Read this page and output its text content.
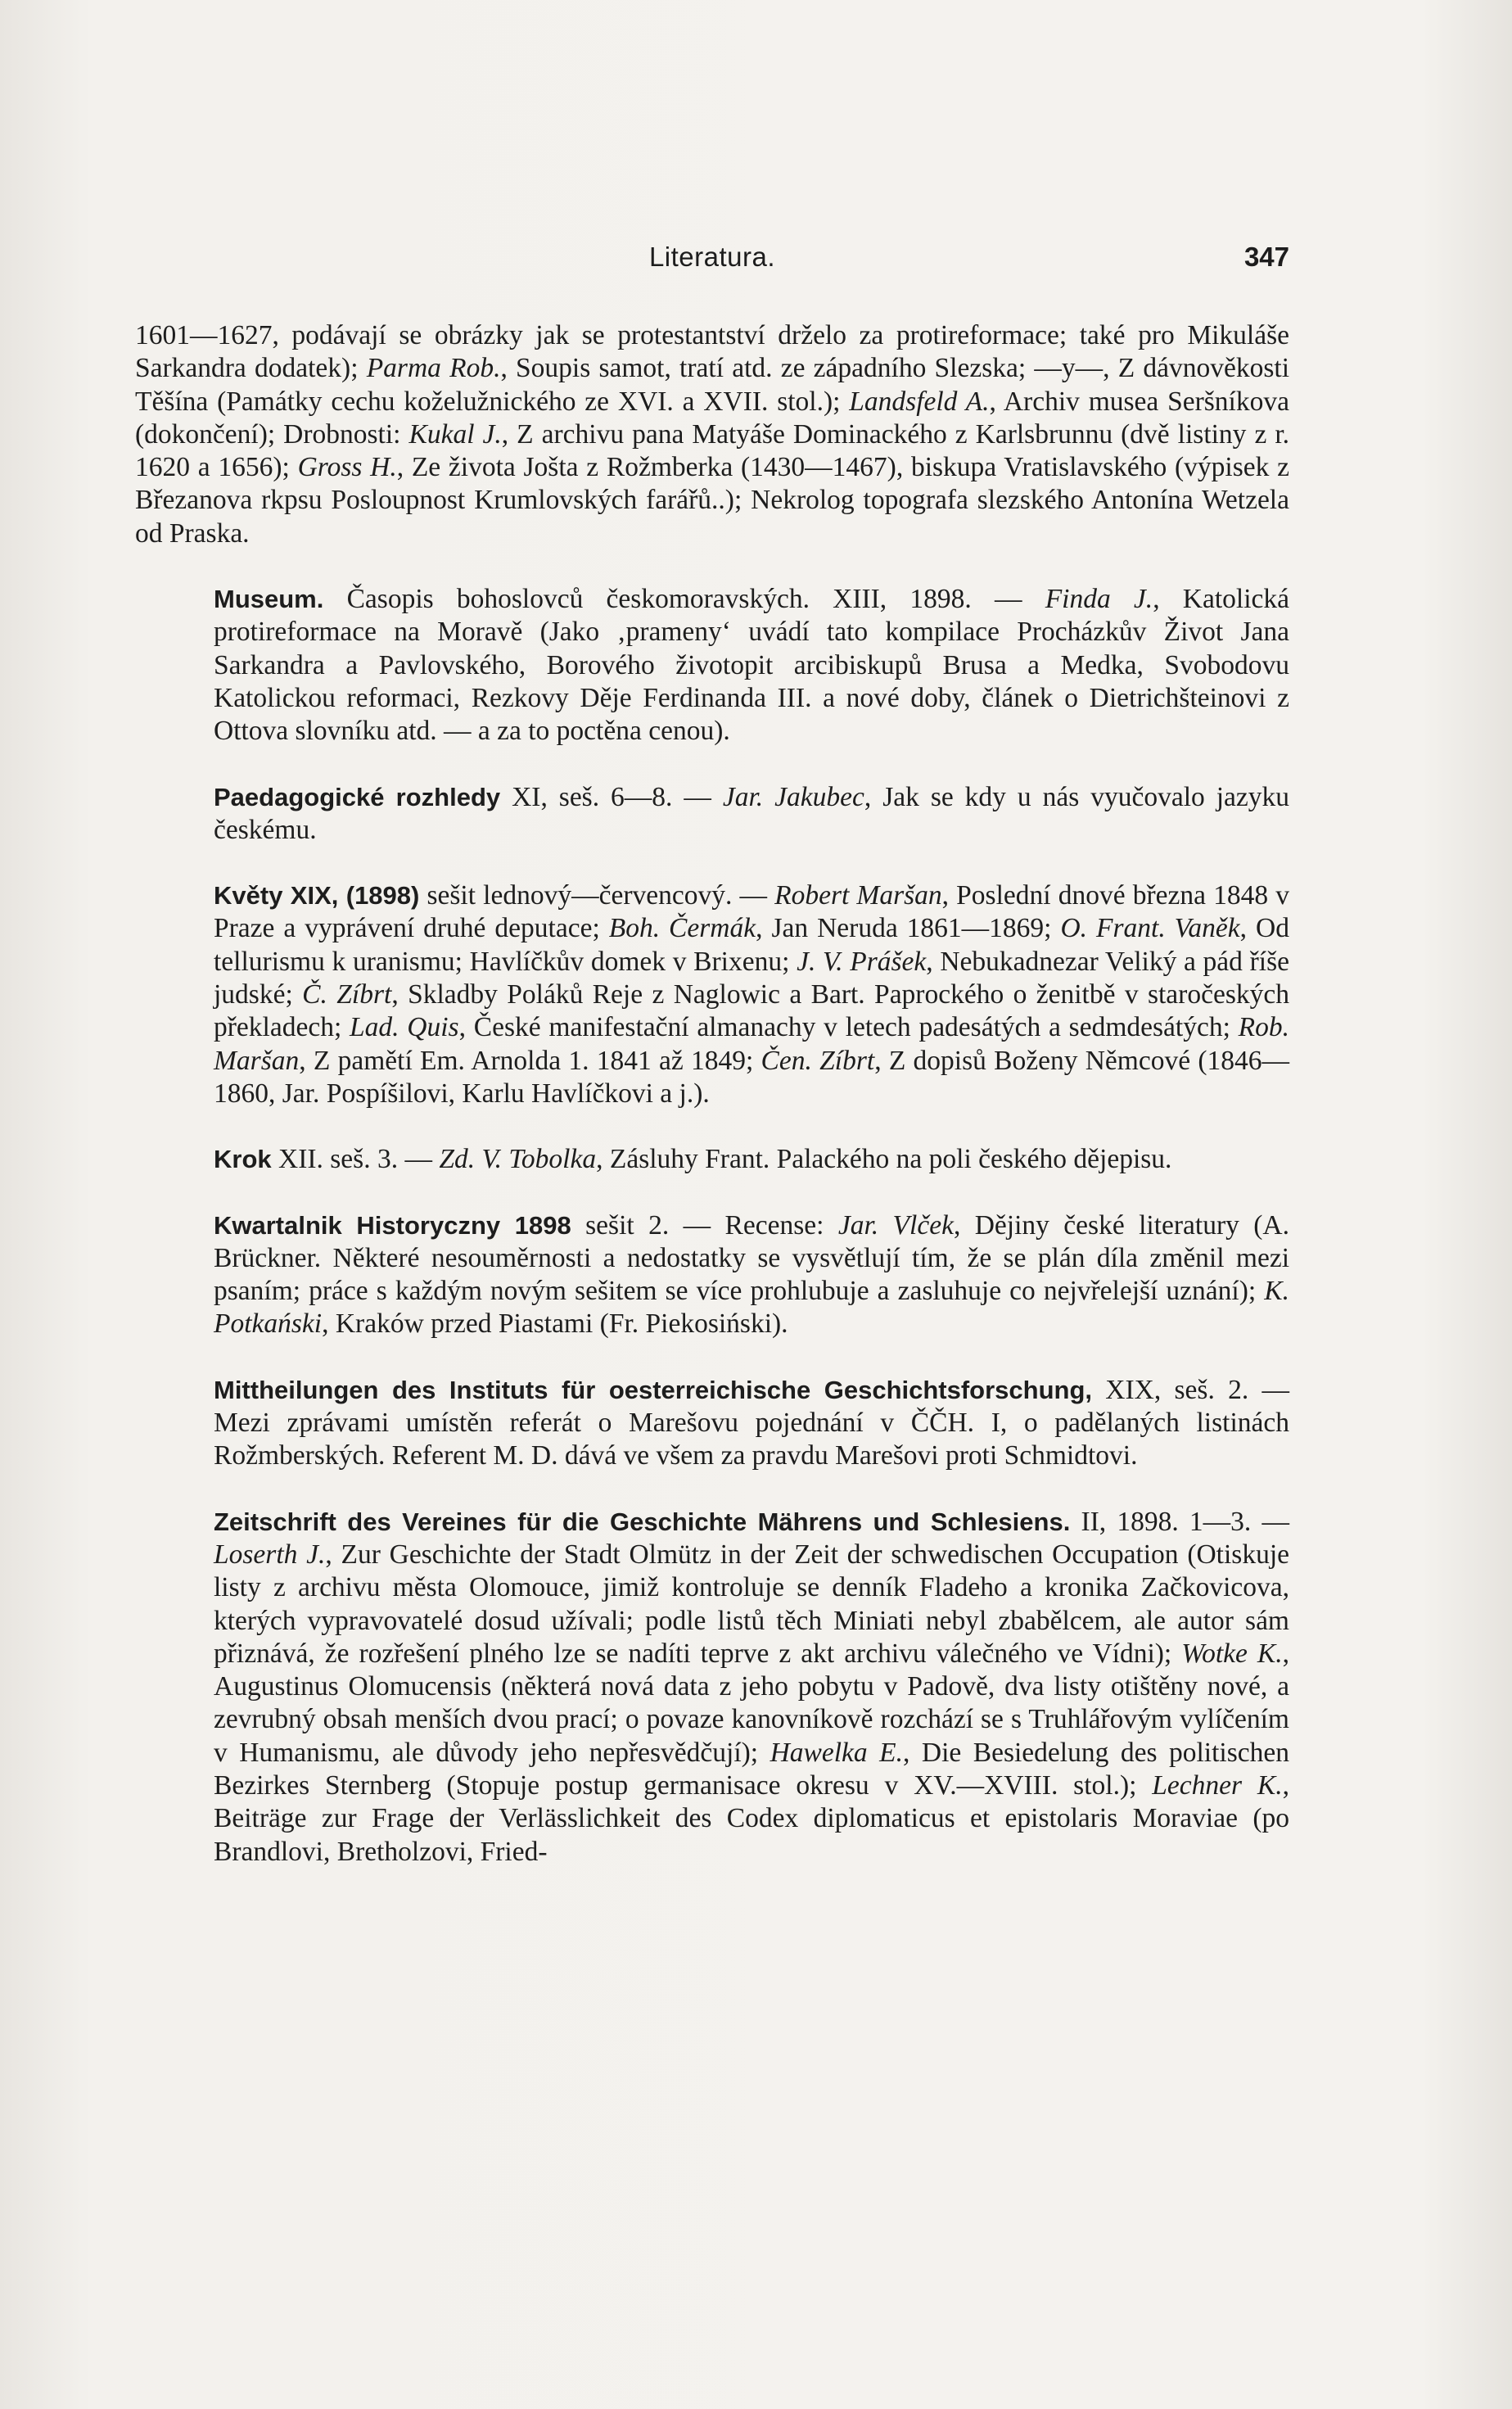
Literatura.	347

1601—1627, podávají se obrázky jak se protestantství drželo za protireformace; také pro Mikuláše Sarkandra dodatek); Parma Rob., Soupis samot, tratí atd. ze západního Slezska; —y—, Z dávnověkosti Těšína (Památky cechu koželužnického ze XVI. a XVII. stol.); Landsfeld A., Archiv musea Seršníkova (dokončení); Drobnosti: Kukal J., Z archivu pana Matyáše Dominackého z Karlsbrunnu (dvě listiny z r. 1620 a 1656); Gross H., Ze života Jošta z Rožmberka (1430—1467), biskupa Vratislavského (výpisek z Březanova rkpsu Posloupnost Krumlovských farářů..); Nekrolog topografa slezského Antonína Wetzela od Praska.

Museum. Časopis bohoslovců českomoravských. XIII, 1898. — Finda J., Katolická protireformace na Moravě (Jako ‚prameny‘ uvádí tato kompilace Procházkův Život Jana Sarkandra a Pavlovského, Borového životopit arcibiskupů Brusa a Medka, Svobodovu Katolickou reformaci, Rezkovy Děje Ferdinanda III. a nové doby, článek o Dietrichšteinovi z Ottova slovníku atd. — a za to poctěna cenou).

Paedagogické rozhledy XI, seš. 6—8. — Jar. Jakubec, Jak se kdy u nás vyučovalo jazyku českému.

Květy XIX, (1898) sešit lednový—červencový. — Robert Maršan, Poslední dnové března 1848 v Praze a vyprávení druhé deputace; Boh. Čermák, Jan Neruda 1861—1869; O. Frant. Vaněk, Od tellurismu k uranismu; Havlíčkův domek v Brixenu; J. V. Prášek, Nebukadnezar Veliký a pád říše judské; Č. Zíbrt, Skladby Poláků Reje z Naglowic a Bart. Paprockého o ženitbě v staročeských překladech; Lad. Quis, České manifestační almanachy v letech padesátých a sedmdesátých; Rob. Maršan, Z pamětí Em. Arnolda 1. 1841 až 1849; Čen. Zíbrt, Z dopisů Boženy Němcové (1846—1860, Jar. Pospíšilovi, Karlu Havlíčkovi a j.).

Krok XII. seš. 3. — Zd. V. Tobolka, Zásluhy Frant. Palackého na poli českého dějepisu.

Kwartalnik Historyczny 1898 sešit 2. — Recense: Jar. Vlček, Dějiny české literatury (A. Brückner. Některé nesouměrnosti a nedostatky se vysvětlují tím, že se plán díla změnil mezi psaním; práce s každým novým sešitem se více prohlubuje a zasluhuje co nejvřelejší uznání); K. Potkański, Kraków przed Piastami (Fr. Piekosiński).

Mittheilungen des Instituts für oesterreichische Geschichtsforschung, XIX, seš. 2. — Mezi zprávami umístěn referát o Marešovu pojednání v ČČH. I, o padělaných listinách Rožmberských. Referent M. D. dává ve všem za pravdu Marešovi proti Schmidtovi.

Zeitschrift des Vereines für die Geschichte Mährens und Schlesiens. II, 1898. 1—3. — Loserth J., Zur Geschichte der Stadt Olmütz in der Zeit der schwedischen Occupation (Otiskuje listy z archivu města Olomouce, jimiž kontroluje se denník Fladeho a kronika Začkovicova, kterých vypravovatelé dosud užívali; podle listů těch Miniati nebyl zbabělcem, ale autor sám přiznává, že rozřešení plného lze se nadíti teprve z akt archivu válečného ve Vídni); Wotke K., Augustinus Olomucensis (některá nová data z jeho pobytu v Padově, dva listy otištěny nové, a zevrubný obsah menších dvou prací; o povaze kanovníkově rozchází se s Truhlářovým vylíčením v Humanismu, ale důvody jeho nepřesvědčují); Hawelka E., Die Besiedelung des politischen Bezirkes Sternberg (Stopuje postup germanisace okresu v XV.—XVIII. stol.); Lechner K., Beiträge zur Frage der Verlässlichkeit des Codex diplomaticus et epistolaris Moraviae (po Brandlovi, Bretholzovi, Fried-
